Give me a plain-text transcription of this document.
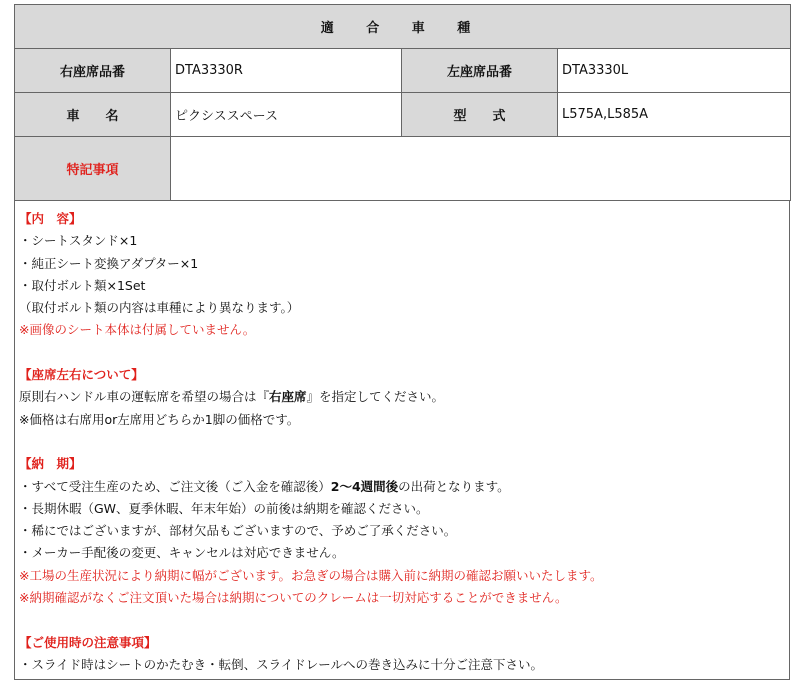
適 合 車 種			
右座席品番	DTA3330R	左座席品番	DTA3330L
車　　名	ピクシススペース	型　　式	L575A,L585A
特記事項			
【内　容】
・シートスタンド×1
・純正シート変換アダプター×1
・取付ボルト類×1Set
（取付ボルト類の内容は車種により異なります。）
※画像のシート本体は付属していません。
【座席左右について】
原則右ハンドル車の運転席を希望の場合は『右座席』を指定してください。
※価格は右席用or左席用どちらか1脚の価格です。
【納　期】
・すべて受注生産のため、ご注文後（ご入金を確認後）2〜4週間後の出荷となります。
・長期休暇（GW、夏季休暇、年末年始）の前後は納期を確認ください。
・稀にではございますが、部材欠品もございますので、予めご了承ください。
・メーカー手配後の変更、キャンセルは対応できません。
※工場の生産状況により納期に幅がございます。お急ぎの場合は購入前に納期の確認お願いいたします。
※納期確認がなくご注文頂いた場合は納期についてのクレームは一切対応することができません。
【ご使用時の注意事項】
・スライド時はシートのかたむき・転倒、スライドレールへの巻き込みに十分ご注意下さい。
